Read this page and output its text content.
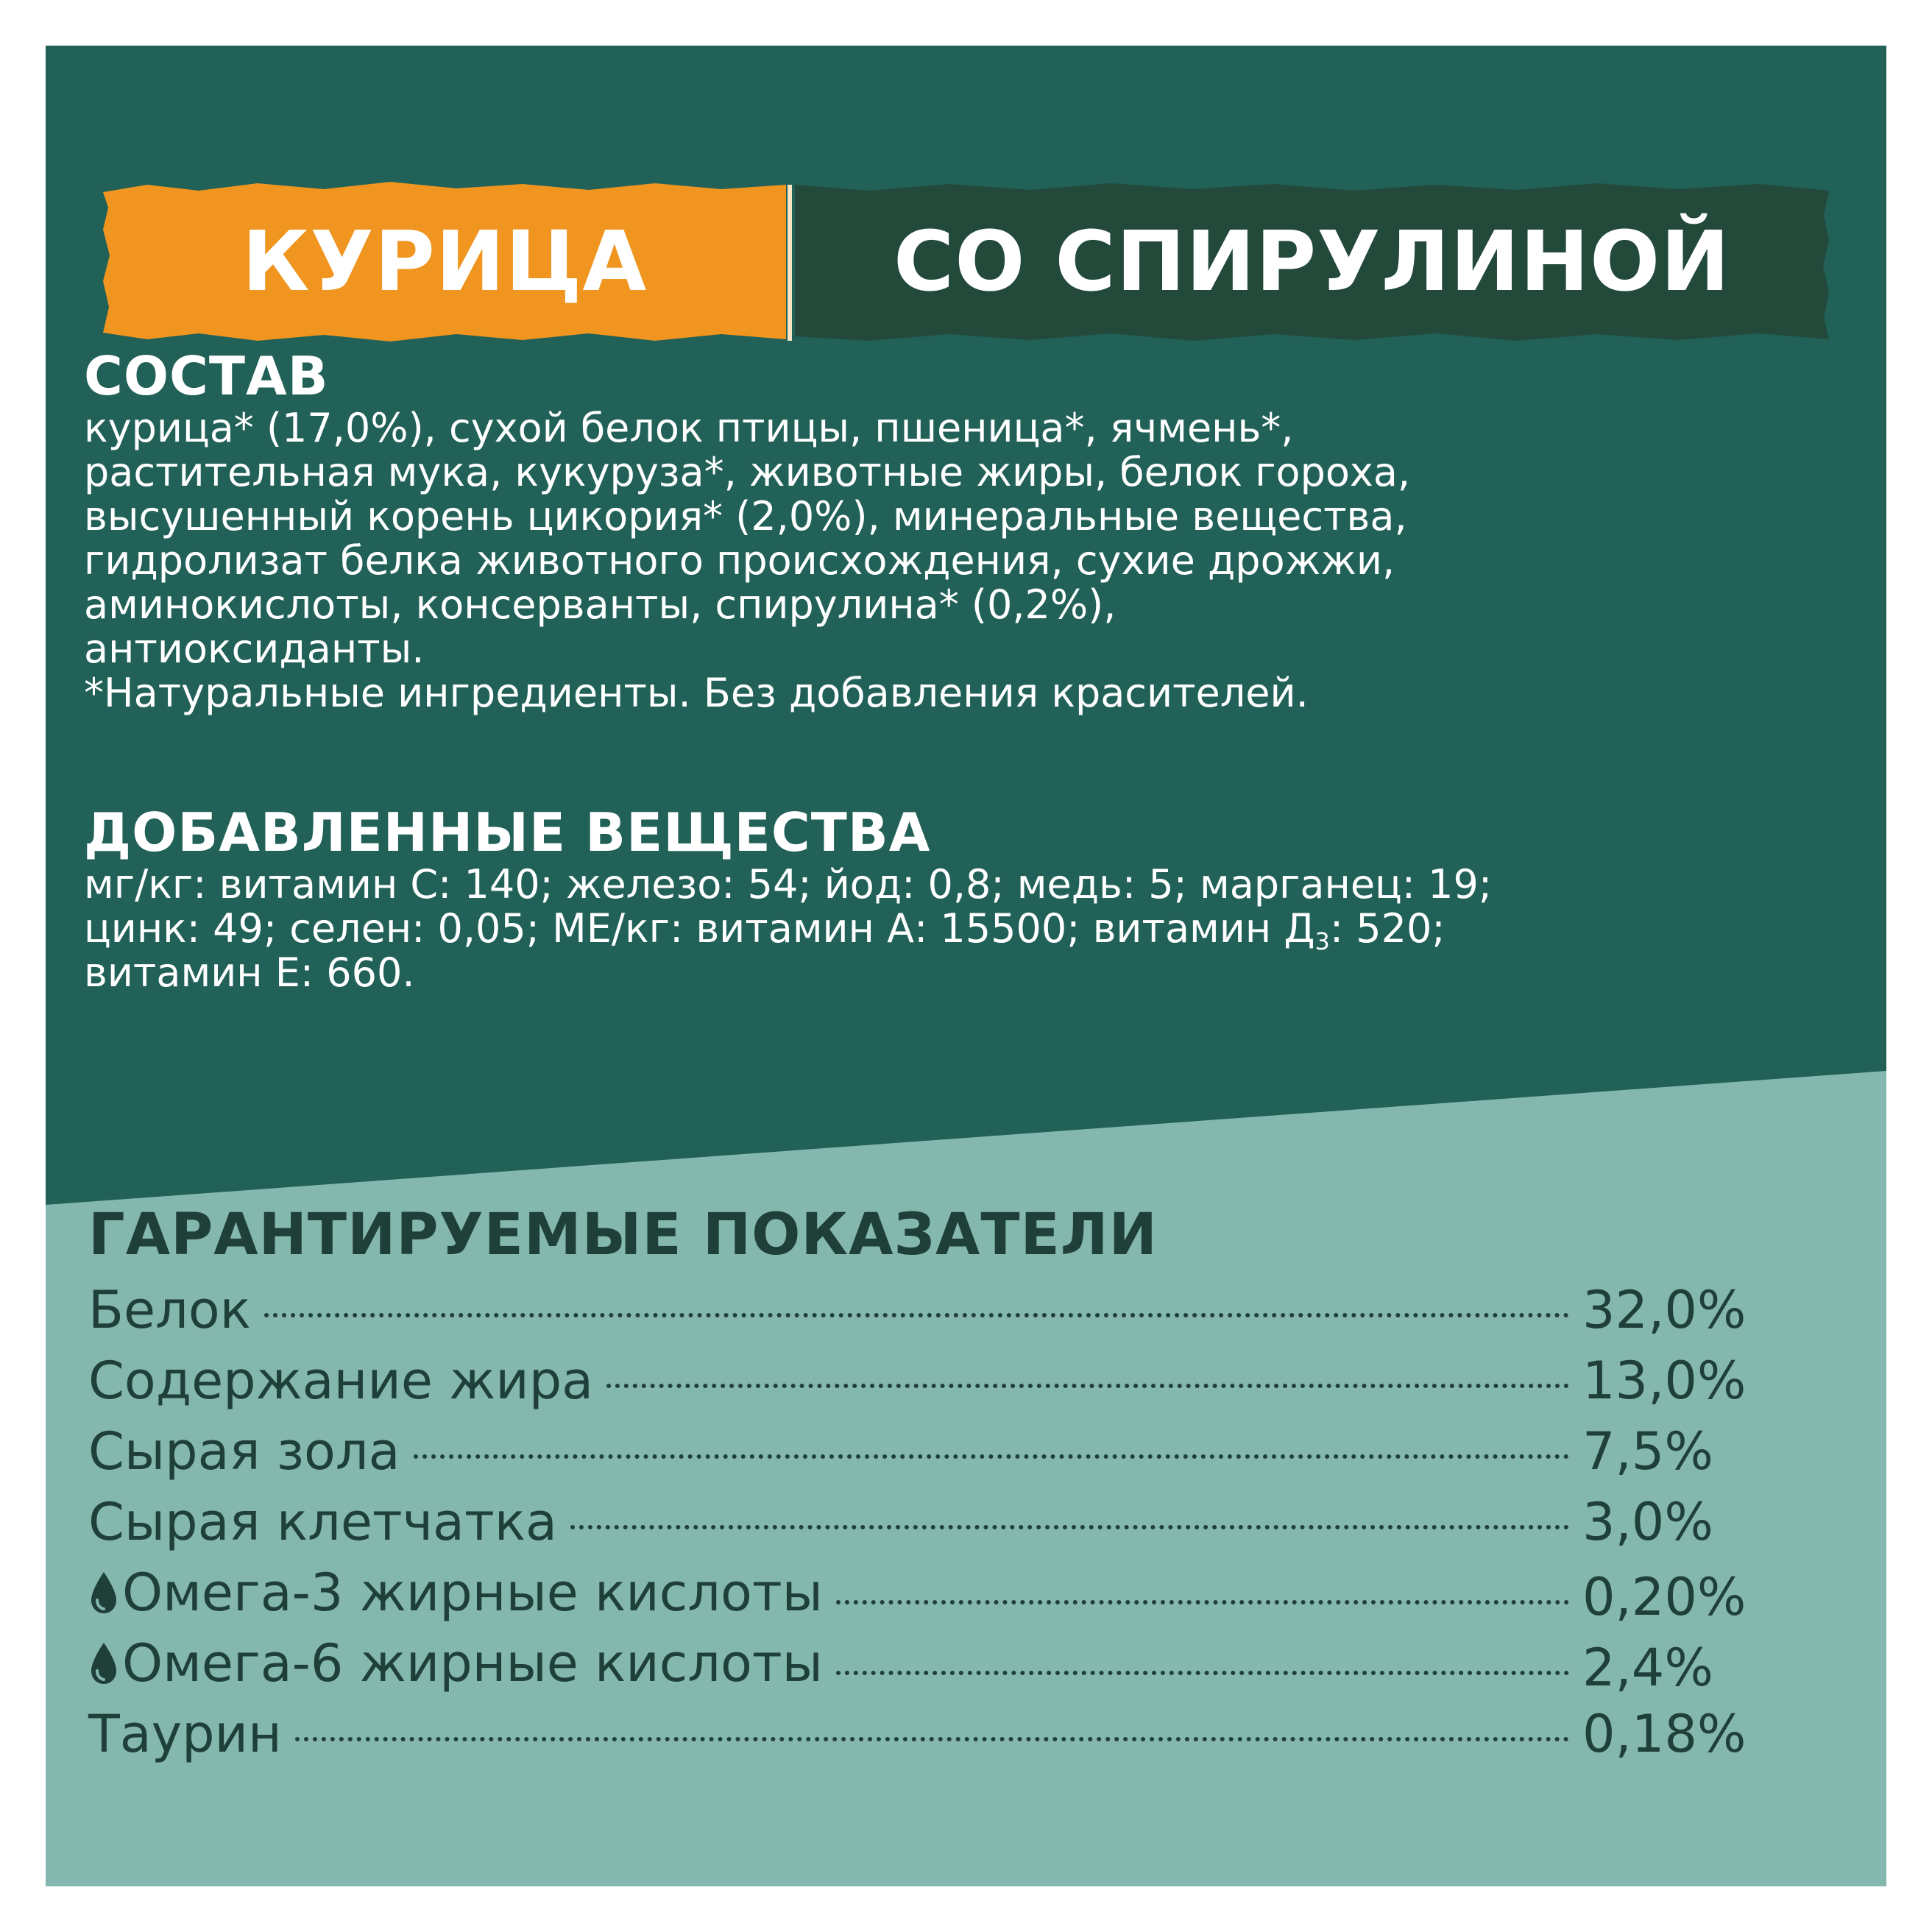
КУРИЦА	СО СПИРУЛИНОЙ
СОСТАВ
курица* (17,0%), сухой белок птицы, пшеница*, ячмень*,
растительная мука, кукуруза*, животные жиры, белок гороха,
высушенный корень цикория* (2,0%), минеральные вещества,
гидролизат белка животного происхождения, сухие дрожжи,
аминокислоты, консерванты, спирулина* (0,2%),
антиоксиданты.
*Натуральные ингредиенты. Без добавления красителей.
ДОБАВЛЕННЫЕ ВЕЩЕСТВА
мг/кг: витамин C: 140; железо: 54; йод: 0,8; медь: 5; марганец: 19;
цинк: 49; селен: 0,05; МЕ/кг: витамин А: 15500; витамин $Д_3$: 520;
витамин Е: 660.
ГАРАНТИРУЕМЫЕ ПОКАЗАТЕЛИ
Белок	32,0%
Содержание жира	13,0%
Сырая зола	7,5%
Сырая клетчатка	3,0%
Омега-3 жирные кислоты	0,20%
Омега-6 жирные кислоты	2,4%
Таурин	0,18%
